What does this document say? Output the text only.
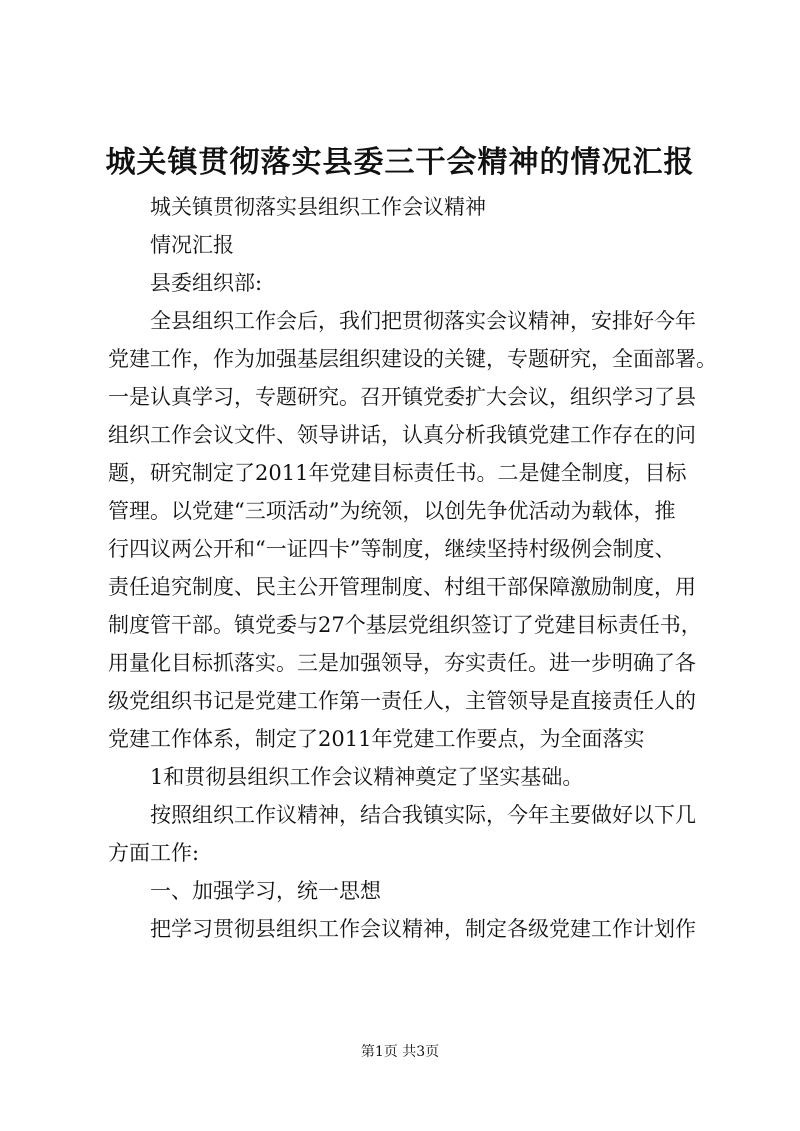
城关镇贯彻落实县委三干会精神的情况汇报
城关镇贯彻落实县组织工作会议精神
情况汇报
县委组织部:
全县组织工作会后，我们把贯彻落实会议精神，安排好今年
党建工作，作为加强基层组织建设的关键，专题研究，全面部署。
一是认真学习，专题研究。召开镇党委扩大会议，组织学习了县
组织工作会议文件、领导讲话，认真分析我镇党建工作存在的问
题，研究制定了2011年党建目标责任书。二是健全制度，目标
管理。以党建“三项活动”为统领，以创先争优活动为载体，推
行四议两公开和“一证四卡”等制度，继续坚持村级例会制度、
责任追究制度、民主公开管理制度、村组干部保障激励制度，用
制度管干部。镇党委与27个基层党组织签订了党建目标责任书，
用量化目标抓落实。三是加强领导，夯实责任。进一步明确了各
级党组织书记是党建工作第一责任人，主管领导是直接责任人的
党建工作体系，制定了2011年党建工作要点，为全面落实
1和贯彻县组织工作会议精神奠定了坚实基础。
按照组织工作议精神，结合我镇实际，今年主要做好以下几
方面工作:
一、加强学习，统一思想
把学习贯彻县组织工作会议精神，制定各级党建工作计划作
第1页 共3页
